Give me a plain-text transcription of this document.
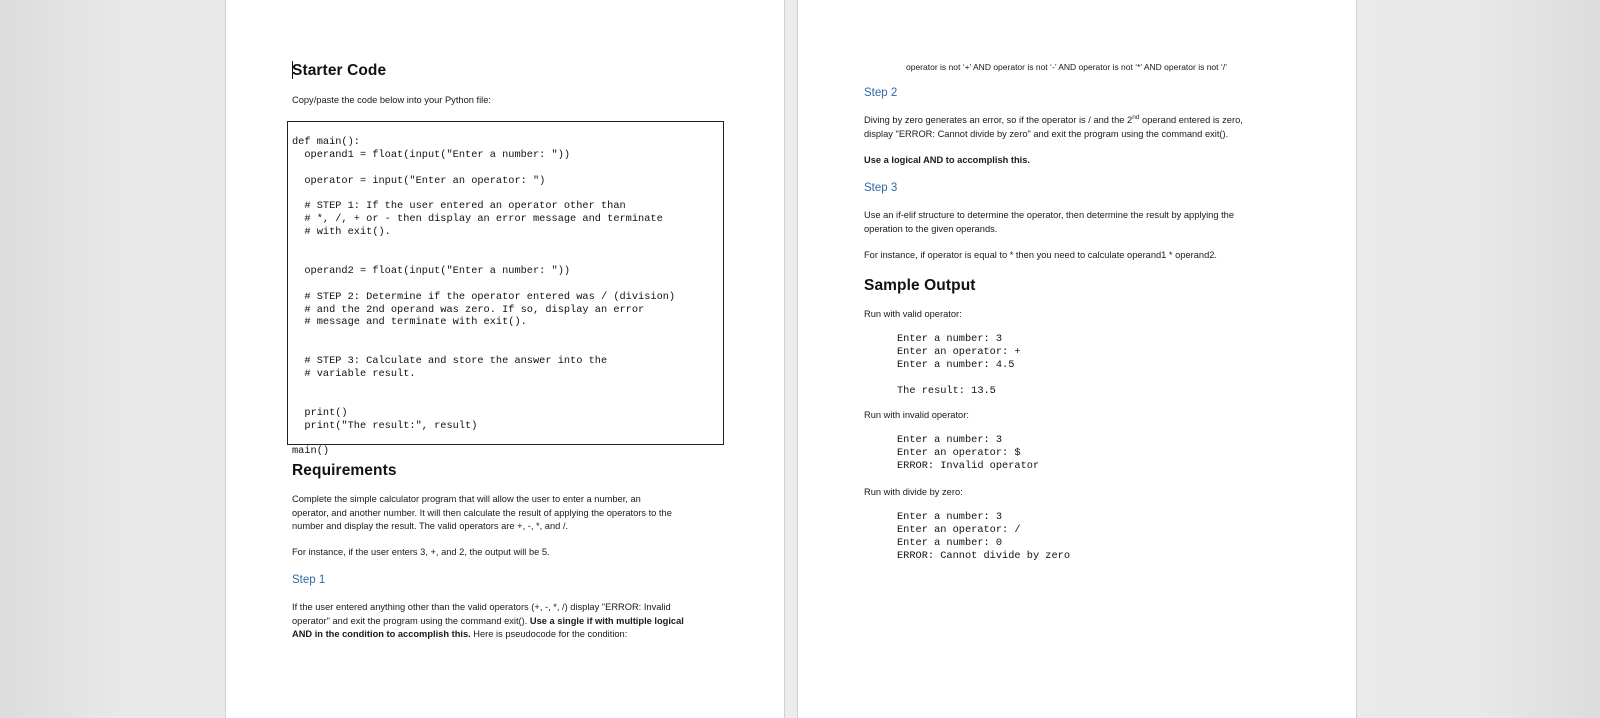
Starter Code
Copy/paste the code below into your Python file:
def main():
operand1 = float(input("Enter a number: "))

operator = input("Enter an operator: ")

# STEP 1: If the user entered an operator other than
# *, /, + or - then display an error message and terminate
# with exit().

operand2 = float(input("Enter a number: "))

# STEP 2: Determine if the operator entered was / (division)
# and the 2nd operand was zero. If so, display an error
# message and terminate with exit().

# STEP 3: Calculate and store the answer into the
# variable result.

print()
print("The result:", result)

main()
Requirements
Complete the simple calculator program that will allow the user to enter a number, an
operator, and another number. It will then calculate the result of applying the operators to the
number and display the result. The valid operators are +, -, *, and /.
For instance, if the user enters 3, +, and 2, the output will be 5.
Step 1
If the user entered anything other than the valid operators (+, -, *, /) display "ERROR: Invalid
operator" and exit the program using the command exit(). Use a single if with multiple logical
AND in the condition to accomplish this. Here is pseudocode for the condition:
operator is not ‘+’ AND operator is not ‘-’ AND operator is not ‘*’ AND operator is not ‘/’
Step 2
Diving by zero generates an error, so if the operator is / and the 2nd operand entered is zero,
display "ERROR: Cannot divide by zero" and exit the program using the command exit().
Use a logical AND to accomplish this.
Step 3
Use an if-elif structure to determine the operator, then determine the result by applying the
operation to the given operands.
For instance, if operator is equal to * then you need to calculate operand1 * operand2.
Sample Output
Run with valid operator:
Enter a number: 3
Enter an operator: +
Enter a number: 4.5

The result: 13.5
Run with invalid operator:
Enter a number: 3
Enter an operator: $
ERROR: Invalid operator
Run with divide by zero:
Enter a number: 3
Enter an operator: /
Enter a number: 0
ERROR: Cannot divide by zero
